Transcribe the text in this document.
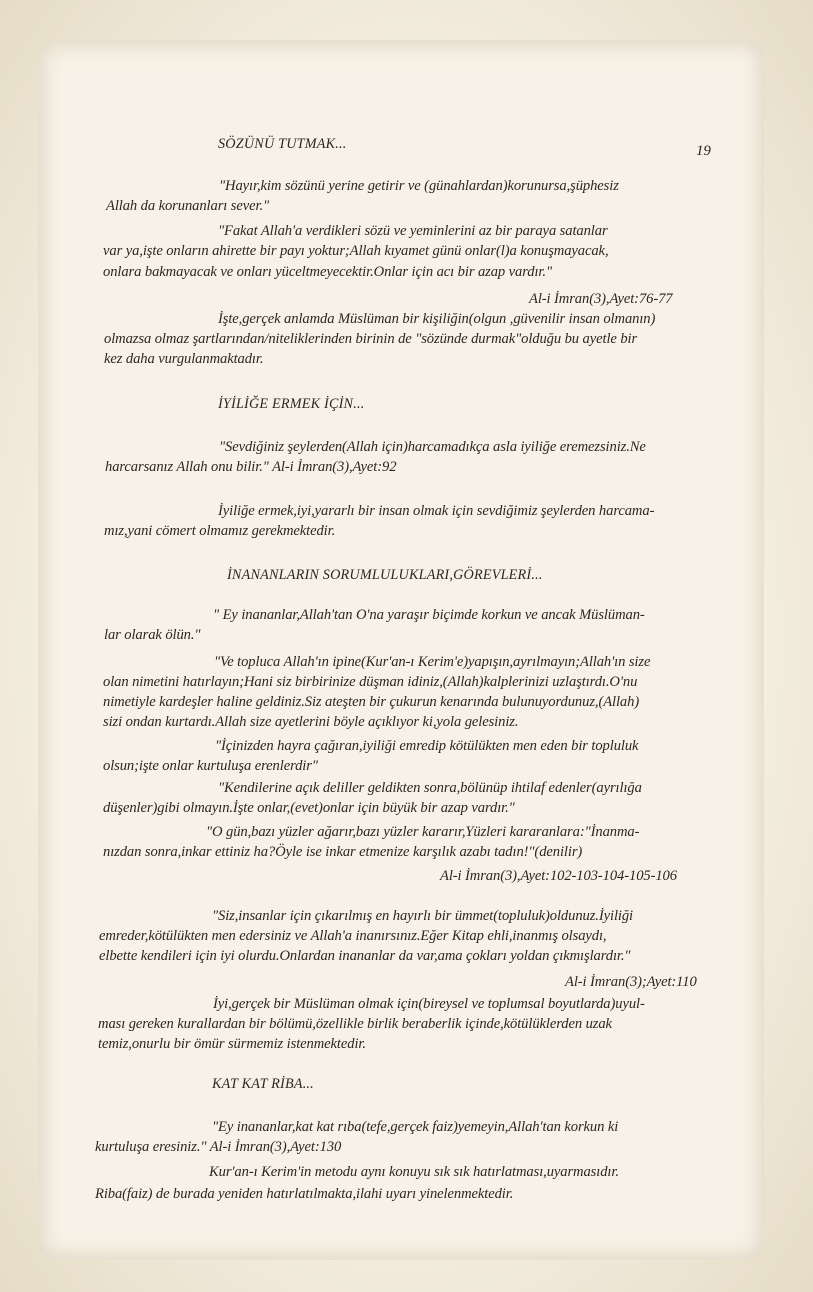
SÖZÜNÜ TUTMAK...	19
"Hayır,kim sözünü yerine getirir ve (günahlardan)korunursa,şüphesiz
Allah da korunanları sever."
"Fakat Allah'a verdikleri sözü ve yeminlerini az bir paraya satanlar
var ya,işte onların ahirette bir payı yoktur;Allah kıyamet günü onlar(l)a konuşmayacak,
onlara bakmayacak ve onları yüceltmeyecektir.Onlar için acı bir azap vardır."
Al-i İmran(3),Ayet:76-77
İşte,gerçek anlamda Müslüman bir kişiliğin(olgun ,güvenilir insan olmanın)
olmazsa olmaz şartlarından/niteliklerinden birinin de "sözünde durmak"olduğu bu ayetle bir
kez daha vurgulanmaktadır.
İYİLİĞE ERMEK İÇİN...
"Sevdiğiniz şeylerden(Allah için)harcamadıkça asla iyiliğe eremezsiniz.Ne
harcarsanız Allah onu bilir." Al-i İmran(3),Ayet:92
İyiliğe ermek,iyi,yararlı bir insan olmak için sevdiğimiz şeylerden harcama-
mız,yani cömert olmamız gerekmektedir.
İNANANLARIN SORUMLULUKLARI,GÖREVLERİ...
" Ey inananlar,Allah'tan O'na yaraşır biçimde korkun ve ancak Müslüman-
lar olarak ölün."
"Ve topluca Allah'ın ipine(Kur'an-ı Kerim'e)yapışın,ayrılmayın;Allah'ın size
olan nimetini hatırlayın;Hani siz birbirinize düşman idiniz,(Allah)kalplerinizi uzlaştırdı.O'nu
nimetiyle kardeşler haline geldiniz.Siz ateşten bir çukurun kenarında bulunuyordunuz,(Allah)
sizi ondan kurtardı.Allah size ayetlerini böyle açıklıyor ki,yola gelesiniz.
"İçinizden hayra çağıran,iyiliği emredip kötülükten men eden bir topluluk
olsun;işte onlar kurtuluşa erenlerdir"
"Kendilerine açık deliller geldikten sonra,bölünüp ihtilaf edenler(ayrılığa
düşenler)gibi olmayın.İşte onlar,(evet)onlar için büyük bir azap vardır."
"O gün,bazı yüzler ağarır,bazı yüzler kararır,Yüzleri kararanlara:"İnanma-
nızdan sonra,inkar ettiniz ha?Öyle ise inkar etmenize karşılık azabı tadın!"(denilir)
Al-i İmran(3),Ayet:102-103-104-105-106
"Siz,insanlar için çıkarılmış en hayırlı bir ümmet(topluluk)oldunuz.İyiliği
emreder,kötülükten men edersiniz ve Allah'a inanırsınız.Eğer Kitap ehli,inanmış olsaydı,
elbette kendileri için iyi olurdu.Onlardan inananlar da var,ama çokları yoldan çıkmışlardır."
Al-i İmran(3);Ayet:110
İyi,gerçek bir Müslüman olmak için(bireysel ve toplumsal boyutlarda)uyul-
ması gereken kurallardan bir bölümü,özellikle birlik beraberlik içinde,kötülüklerden uzak
temiz,onurlu bir ömür sürmemiz istenmektedir.
KAT KAT RİBA...
"Ey inananlar,kat kat rıba(tefe,gerçek faiz)yemeyin,Allah'tan korkun ki
kurtuluşa eresiniz." Al-i İmran(3),Ayet:130
Kur'an-ı Kerim'in metodu aynı konuyu sık sık hatırlatması,uyarmasıdır.
Riba(faiz) de burada yeniden hatırlatılmakta,ilahi uyarı yinelenmektedir.
